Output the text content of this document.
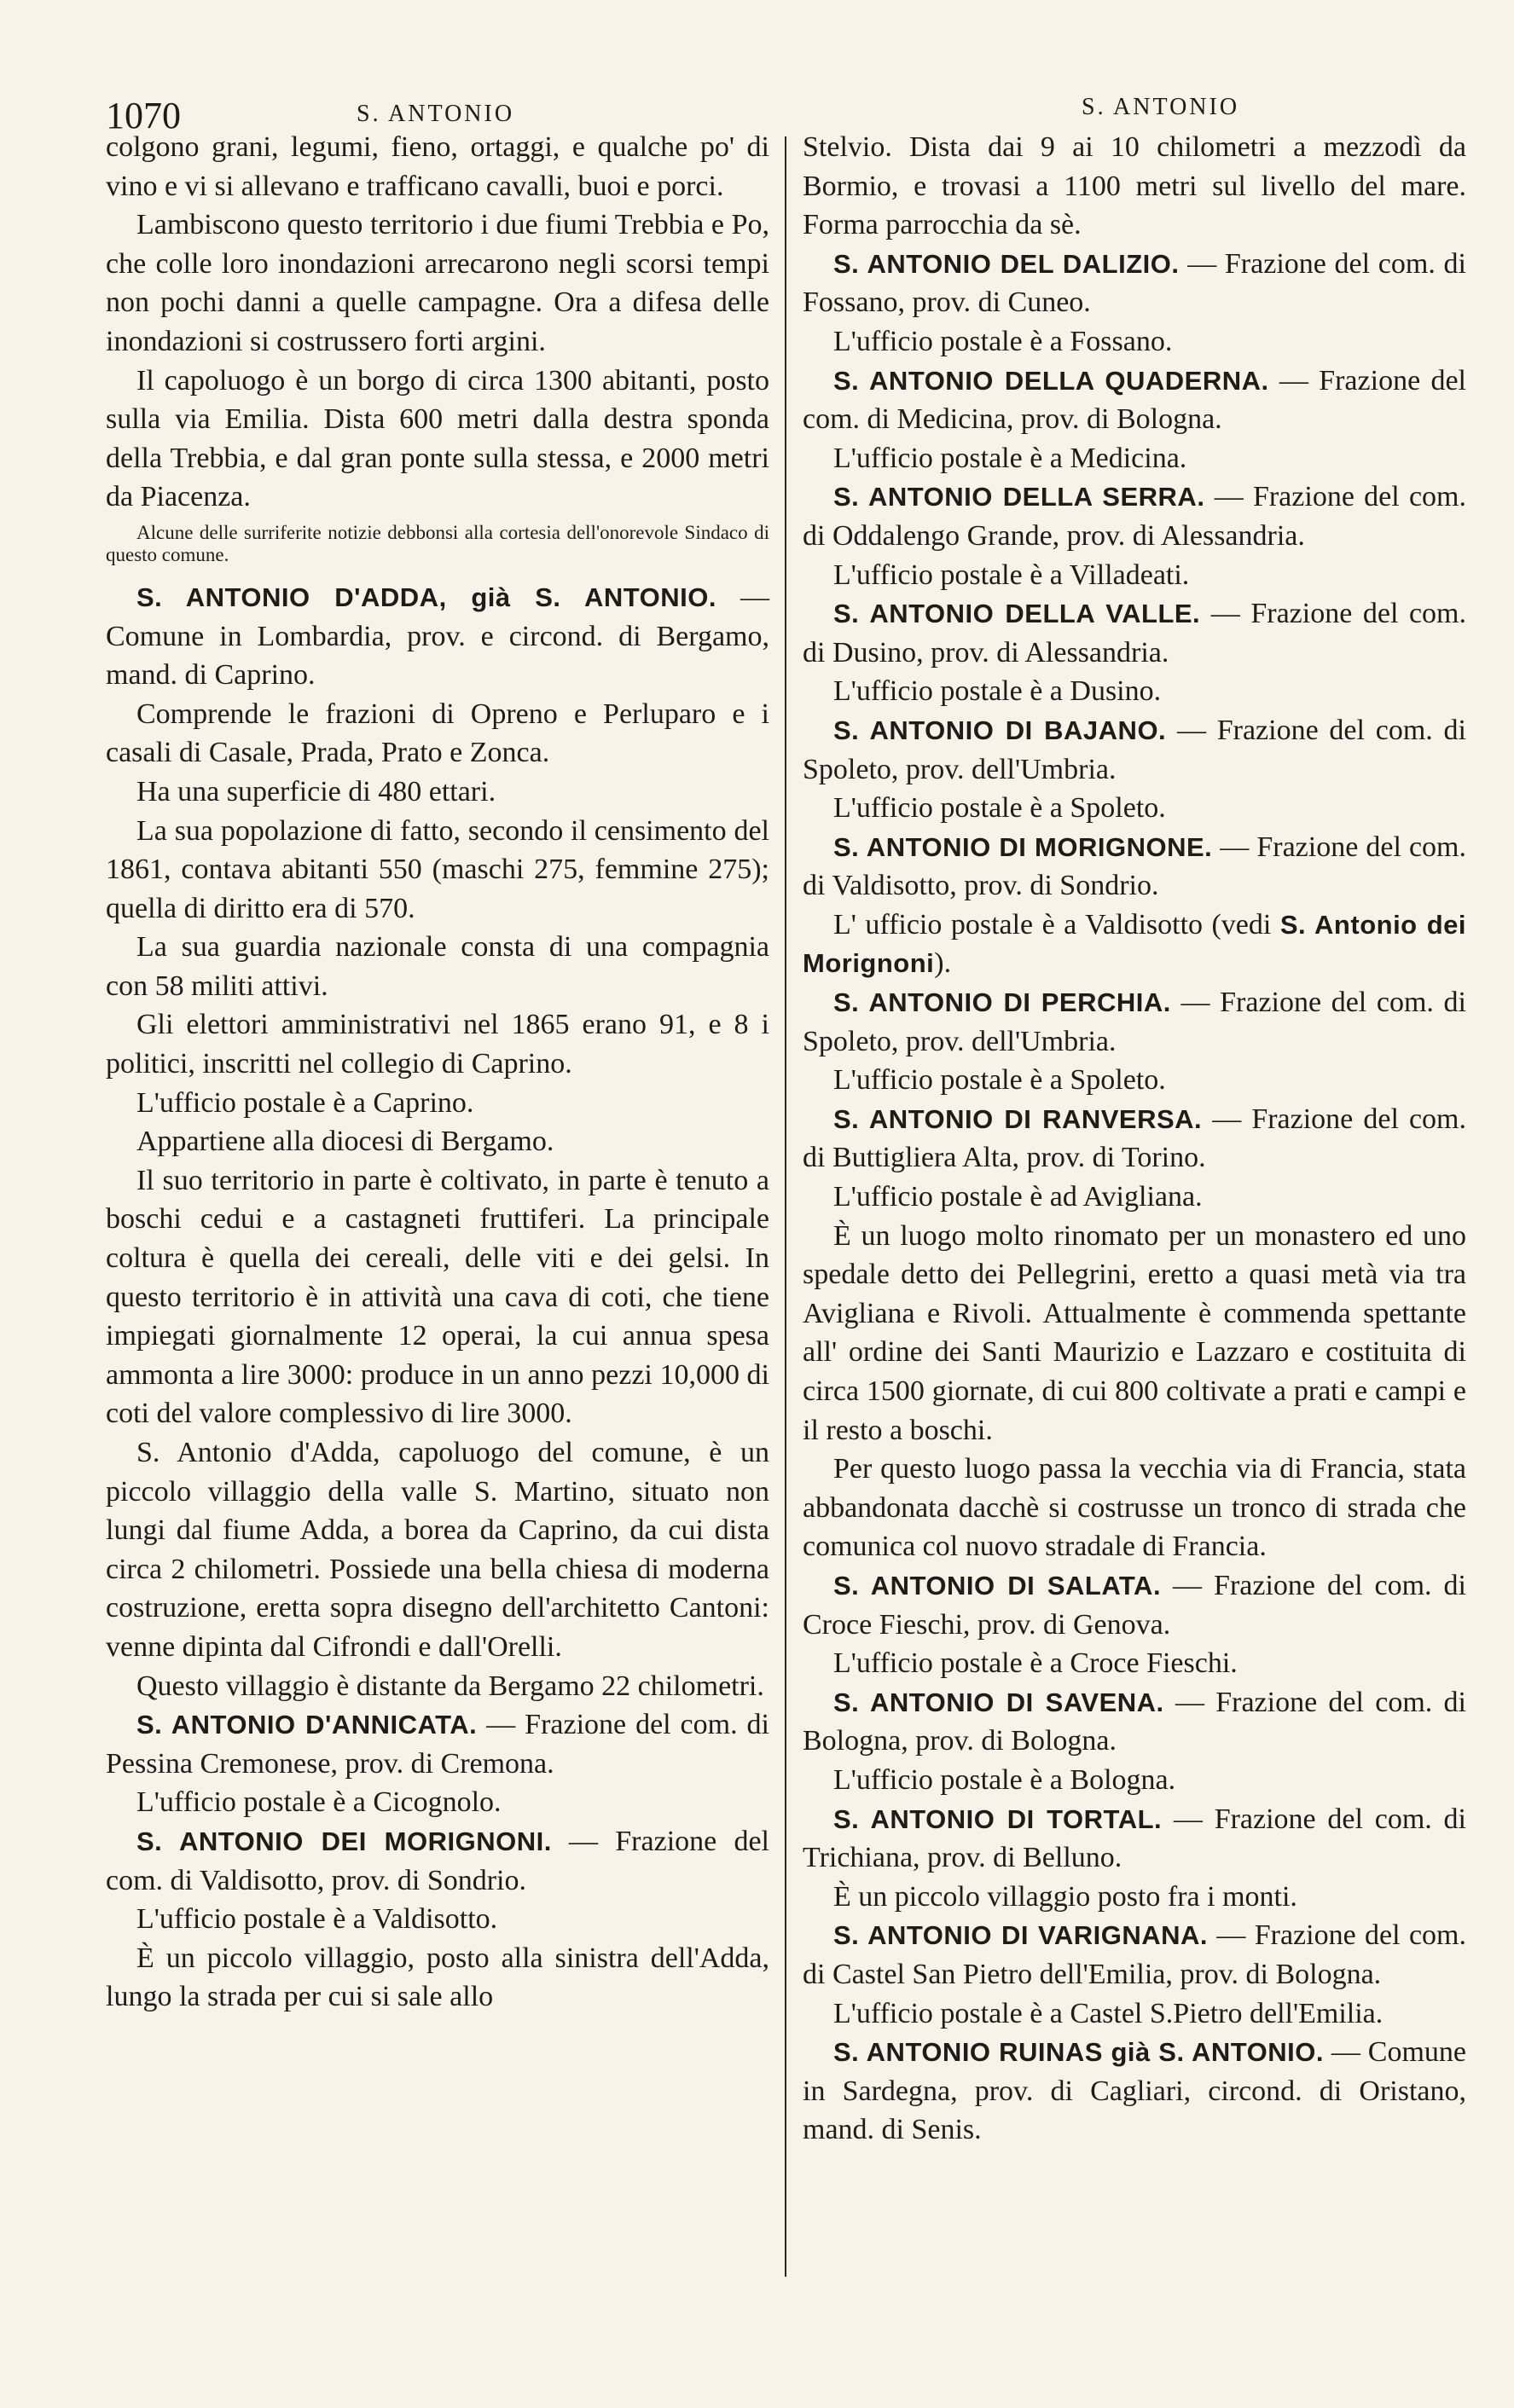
1070	S. ANTONIO	S. ANTONIO

colgono grani, legumi, fieno, ortaggi, e qualche po' di vino e vi si allevano e trafficano cavalli, buoi e porci.

Lambiscono questo territorio i due fiumi Trebbia e Po, che colle loro inondazioni arrecarono negli scorsi tempi non pochi danni a quelle campagne. Ora a difesa delle inondazioni si costrussero forti argini.

Il capoluogo è un borgo di circa 1300 abitanti, posto sulla via Emilia. Dista 600 metri dalla destra sponda della Trebbia, e dal gran ponte sulla stessa, e 2000 metri da Piacenza.

Alcune delle surriferite notizie debbonsi alla cortesia dell'onorevole Sindaco di questo comune.

S. ANTONIO D'ADDA, già S. ANTONIO. — Comune in Lombardia, prov. e circond. di Bergamo, mand. di Caprino.

Comprende le frazioni di Opreno e Perluparo e i casali di Casale, Prada, Prato e Zonca.

Ha una superficie di 480 ettari.

La sua popolazione di fatto, secondo il censimento del 1861, contava abitanti 550 (maschi 275, femmine 275); quella di diritto era di 570.

La sua guardia nazionale consta di una compagnia con 58 militi attivi.

Gli elettori amministrativi nel 1865 erano 91, e 8 i politici, inscritti nel collegio di Caprino.

L'ufficio postale è a Caprino.

Appartiene alla diocesi di Bergamo.

Il suo territorio in parte è coltivato, in parte è tenuto a boschi cedui e a castagneti fruttiferi. La principale coltura è quella dei cereali, delle viti e dei gelsi. In questo territorio è in attività una cava di coti, che tiene impiegati giornalmente 12 operai, la cui annua spesa ammonta a lire 3000: produce in un anno pezzi 10,000 di coti del valore complessivo di lire 3000.

S. Antonio d'Adda, capoluogo del comune, è un piccolo villaggio della valle S. Martino, situato non lungi dal fiume Adda, a borea da Caprino, da cui dista circa 2 chilometri. Possiede una bella chiesa di moderna costruzione, eretta sopra disegno dell'architetto Cantoni: venne dipinta dal Cifrondi e dall'Orelli.

Questo villaggio è distante da Bergamo 22 chilometri.

S. ANTONIO D'ANNICATA. — Frazione del com. di Pessina Cremonese, prov. di Cremona.

L'ufficio postale è a Cicognolo.

S. ANTONIO DEI MORIGNONI. — Frazione del com. di Valdisotto, prov. di Sondrio.

L'ufficio postale è a Valdisotto.

È un piccolo villaggio, posto alla sinistra dell'Adda, lungo la strada per cui si sale allo

Stelvio. Dista dai 9 ai 10 chilometri a mezzodì da Bormio, e trovasi a 1100 metri sul livello del mare. Forma parrocchia da sè.

S. ANTONIO DEL DALIZIO. — Frazione del com. di Fossano, prov. di Cuneo.

L'ufficio postale è a Fossano.

S. ANTONIO DELLA QUADERNA. — Frazione del com. di Medicina, prov. di Bologna.

L'ufficio postale è a Medicina.

S. ANTONIO DELLA SERRA. — Frazione del com. di Oddalengo Grande, prov. di Alessandria.

L'ufficio postale è a Villadeati.

S. ANTONIO DELLA VALLE. — Frazione del com. di Dusino, prov. di Alessandria.

L'ufficio postale è a Dusino.

S. ANTONIO DI BAJANO. — Frazione del com. di Spoleto, prov. dell'Umbria.

L'ufficio postale è a Spoleto.

S. ANTONIO DI MORIGNONE. — Frazione del com. di Valdisotto, prov. di Sondrio.

L' ufficio postale è a Valdisotto (vedi S. Antonio dei Morignoni).

S. ANTONIO DI PERCHIA. — Frazione del com. di Spoleto, prov. dell'Umbria.

L'ufficio postale è a Spoleto.

S. ANTONIO DI RANVERSA. — Frazione del com. di Buttigliera Alta, prov. di Torino.

L'ufficio postale è ad Avigliana.

È un luogo molto rinomato per un monastero ed uno spedale detto dei Pellegrini, eretto a quasi metà via tra Avigliana e Rivoli. Attualmente è commenda spettante all' ordine dei Santi Maurizio e Lazzaro e costituita di circa 1500 giornate, di cui 800 coltivate a prati e campi e il resto a boschi.

Per questo luogo passa la vecchia via di Francia, stata abbandonata dacchè si costrusse un tronco di strada che comunica col nuovo stradale di Francia.

S. ANTONIO DI SALATA. — Frazione del com. di Croce Fieschi, prov. di Genova.

L'ufficio postale è a Croce Fieschi.

S. ANTONIO DI SAVENA. — Frazione del com. di Bologna, prov. di Bologna.

L'ufficio postale è a Bologna.

S. ANTONIO DI TORTAL. — Frazione del com. di Trichiana, prov. di Belluno.

È un piccolo villaggio posto fra i monti.

S. ANTONIO DI VARIGNANA. — Frazione del com. di Castel San Pietro dell'Emilia, prov. di Bologna.

L'ufficio postale è a Castel S.Pietro dell'Emilia.

S. ANTONIO RUINAS già S. ANTONIO. — Comune in Sardegna, prov. di Cagliari, circond. di Oristano, mand. di Senis.
